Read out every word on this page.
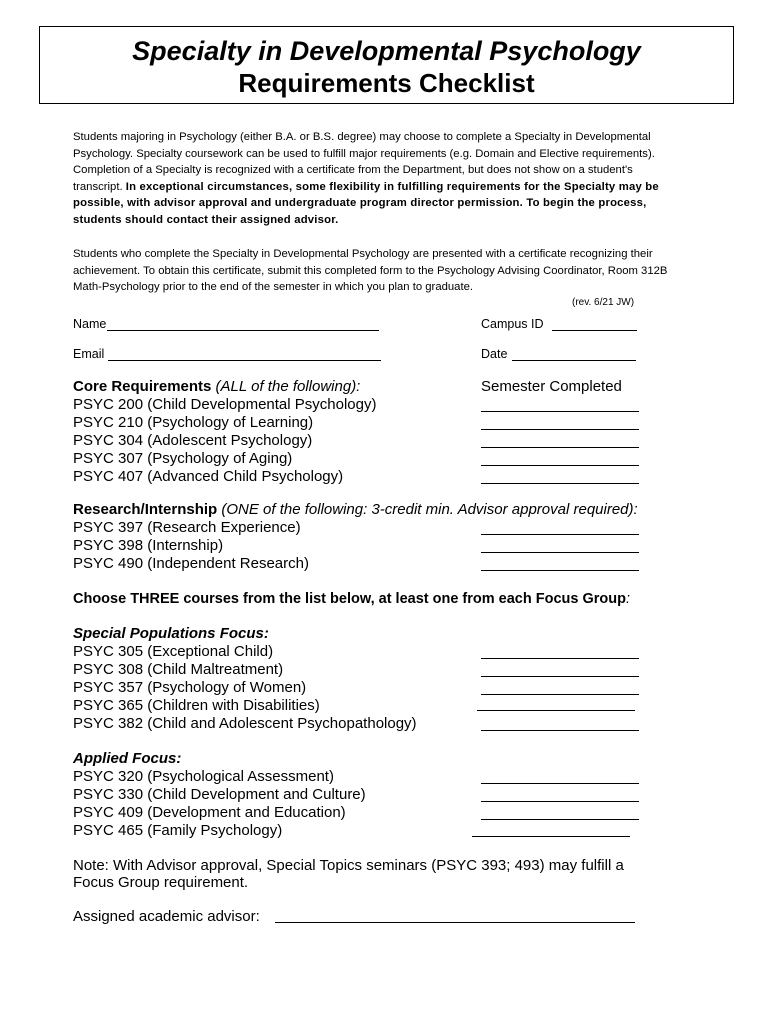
Specialty in Developmental Psychology
Requirements Checklist
Students majoring in Psychology (either B.A. or B.S. degree) may choose to complete a Specialty in Developmental Psychology. Specialty coursework can be used to fulfill major requirements (e.g. Domain and Elective requirements). Completion of a Specialty is recognized with a certificate from the Department, but does not show on a student's transcript. In exceptional circumstances, some flexibility in fulfilling requirements for the Specialty may be possible, with advisor approval and undergraduate program director permission. To begin the process, students should contact their assigned advisor.
Students who complete the Specialty in Developmental Psychology are presented with a certificate recognizing their achievement. To obtain this certificate, submit this completed form to the Psychology Advising Coordinator, Room 312B Math-Psychology prior to the end of the semester in which you plan to graduate.
(rev. 6/21 JW)
Name	Campus ID
Email	Date
Core Requirements (ALL of the following):	Semester Completed
PSYC 200 (Child Developmental Psychology)
PSYC 210 (Psychology of Learning)
PSYC 304 (Adolescent Psychology)
PSYC 307 (Psychology of Aging)
PSYC 407 (Advanced Child Psychology)
Research/Internship (ONE of the following: 3-credit min. Advisor approval required):
PSYC 397 (Research Experience)
PSYC 398 (Internship)
PSYC 490 (Independent Research)
Choose THREE courses from the list below, at least one from each Focus Group:
Special Populations Focus:
PSYC 305 (Exceptional Child)
PSYC 308 (Child Maltreatment)
PSYC 357 (Psychology of Women)
PSYC 365 (Children with Disabilities)
PSYC 382 (Child and Adolescent Psychopathology)
Applied Focus:
PSYC 320 (Psychological Assessment)
PSYC 330 (Child Development and Culture)
PSYC 409 (Development and Education)
PSYC 465 (Family Psychology)
Note: With Advisor approval, Special Topics seminars (PSYC 393; 493) may fulfill a
Focus Group requirement.
Assigned academic advisor:
